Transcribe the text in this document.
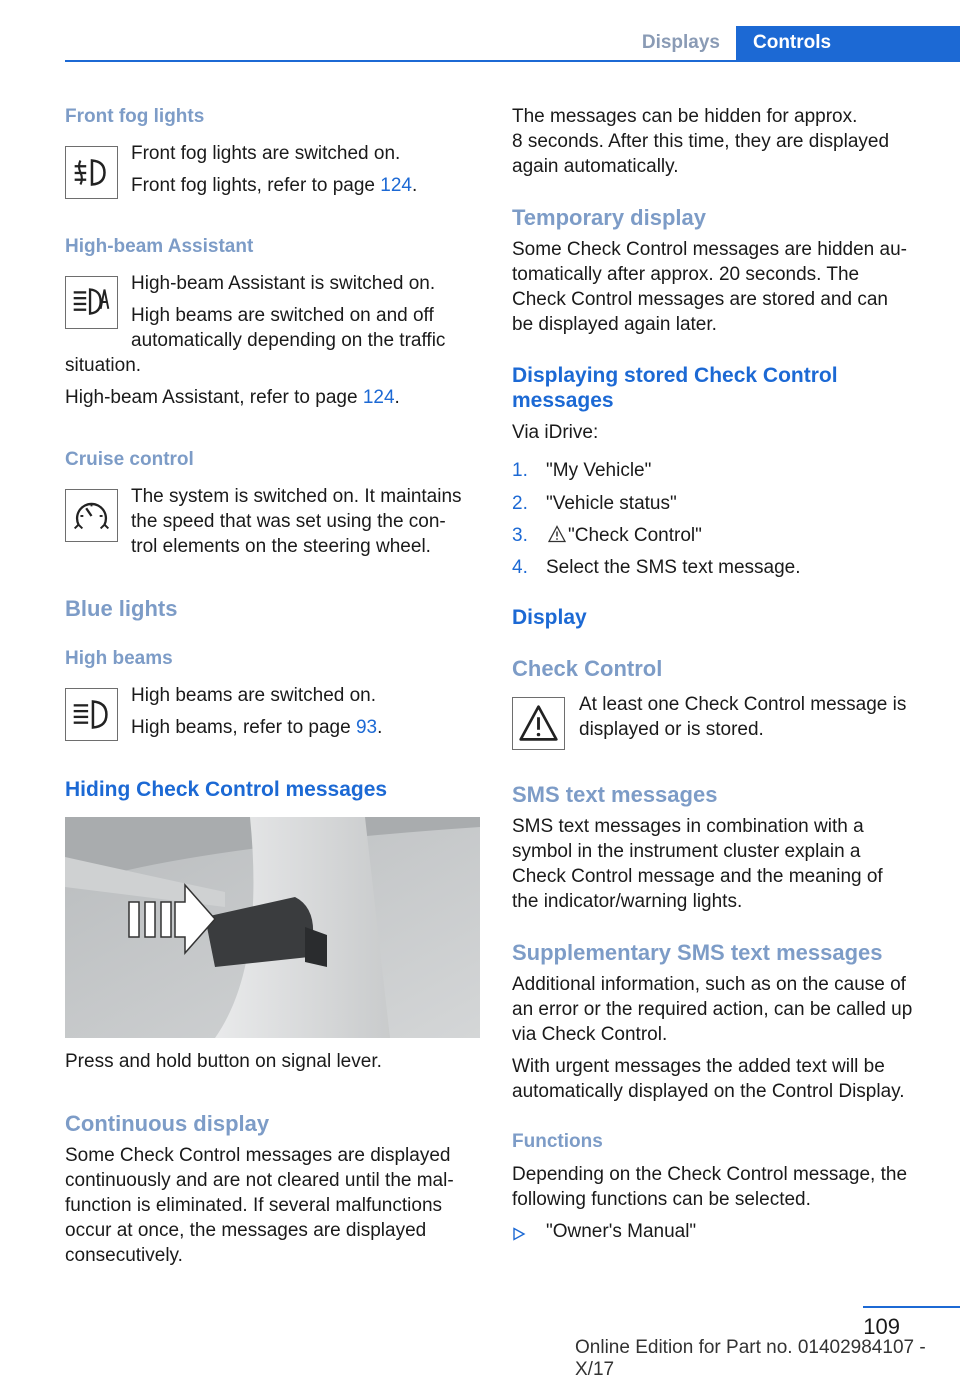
Displays	Controls
Front fog lights
Front fog lights are switched on.
Front fog lights, refer to page 124.
High-beam Assistant
High-beam Assistant is switched on.
High beams are switched on and off
automatically depending on the traffic
situation.
High-beam Assistant, refer to page 124.
Cruise control
The system is switched on. It maintains
the speed that was set using the con-
trol elements on the steering wheel.
Blue lights
High beams
High beams are switched on.
High beams, refer to page 93.
Hiding Check Control messages
Press and hold button on signal lever.
Continuous display
Some Check Control messages are displayed
continuously and are not cleared until the mal-
function is eliminated. If several malfunctions
occur at once, the messages are displayed
consecutively.
The messages can be hidden for approx.
8 seconds. After this time, they are displayed
again automatically.
Temporary display
Some Check Control messages are hidden au-
tomatically after approx. 20 seconds. The
Check Control messages are stored and can
be displayed again later.
Displaying stored Check Control
messages
Via iDrive:
1. "My Vehicle"
2. "Vehicle status"
3. "Check Control"
4. Select the SMS text message.
Display
Check Control
At least one Check Control message is
displayed or is stored.
SMS text messages
SMS text messages in combination with a
symbol in the instrument cluster explain a
Check Control message and the meaning of
the indicator/warning lights.
Supplementary SMS text messages
Additional information, such as on the cause of
an error or the required action, can be called up
via Check Control.
With urgent messages the added text will be
automatically displayed on the Control Display.
Functions
Depending on the Check Control message, the
following functions can be selected.
"Owner's Manual"
109
Online Edition for Part no. 01402984107 - X/17
